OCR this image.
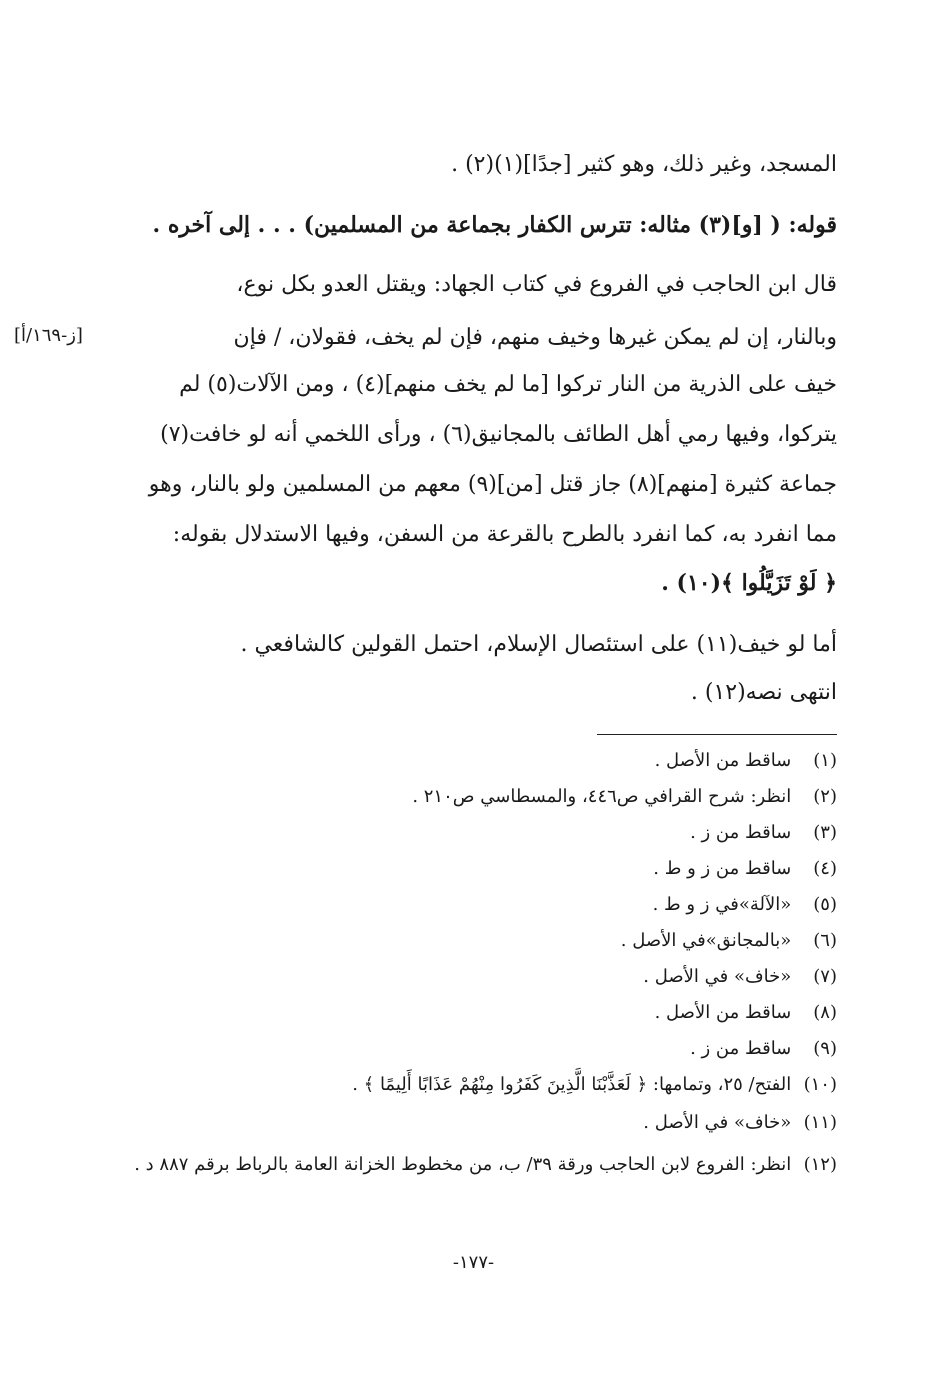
المسجد، وغير ذلك، وهو كثير [جدًا](١)(٢) .
قوله: ( [و](٣) مثاله: تترس الكفار بجماعة من المسلمين) . . . إلى آخره .
قال ابن الحاجب في الفروع في كتاب الجهاد: ويقتل العدو بكل نوع،
وبالنار، إن لم يمكن غيرها وخيف منهم، فإن لم يخف، فقولان، / فإن
خيف على الذرية من النار تركوا [ما لم يخف منهم](٤) ، ومن الآلات(٥) لم
يتركوا، وفيها رمي أهل الطائف بالمجانيق(٦) ، ورأى اللخمي أنه لو خافت(٧)
جماعة كثيرة [منهم](٨) جاز قتل [من](٩) معهم من المسلمين ولو بالنار، وهو
مما انفرد به، كما انفرد بالطرح بالقرعة من السفن، وفيها الاستدلال بقوله:
﴿ لَوْ تَزَيَّلُوا ﴾(١٠) .
أما لو خيف(١١) على استئصال الإسلام، احتمل القولين كالشافعي .
انتهى نصه(١٢) .
[ز-١٦٩/أ]
(١) ساقط من الأصل .
(٢) انظر: شرح القرافي ص٤٤٦، والمسطاسي ص٢١٠ .
(٣) ساقط من ز .
(٤) ساقط من ز و ط .
(٥) «الآلة»في ز و ط .
(٦) «بالمجانق»في الأصل .
(٧) «خاف» في الأصل .
(٨) ساقط من الأصل .
(٩) ساقط من ز .
(١٠) الفتح/ ٢٥، وتمامها: ﴿ لَعَذَّبْنَا الَّذِينَ كَفَرُوا مِنْهُمْ عَذَابًا أَلِيمًا ﴾ .
(١١) «خاف» في الأصل .
(١٢) انظر: الفروع لابن الحاجب ورقة ٣٩/ ب، من مخطوط الخزانة العامة بالرباط برقم ٨٨٧ د .
-١٧٧-
